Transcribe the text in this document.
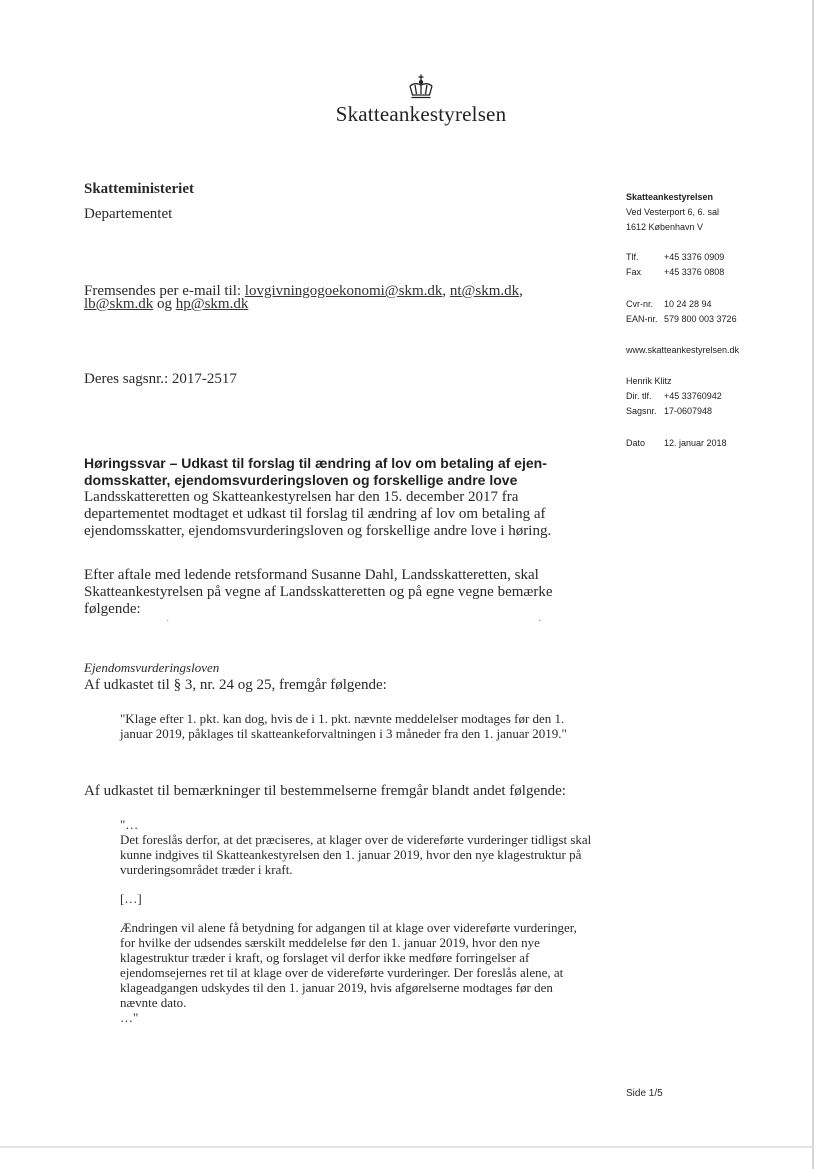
Skatteankestyrelsen
Skatteministeriet
Departementet
Fremsendes per e-mail til: lovgivningogoekonomi@skm.dk, nt@skm.dk,
lb@skm.dk og hp@skm.dk
Deres sagsnr.: 2017-2517
Skatteankestyrelsen
Ved Vesterport 6, 6. sal
1612 København V
Tlf.	+45 3376 0909
Fax	+45 3376 0808
Cvr-nr.	10 24 28 94
EAN-nr. 579 800 003 3726
www.skatteankestyrelsen.dk
Henrik Klitz
Dir. tlf.	+45 33760942
Sagsnr. 17-0607948
Dato	12. januar 2018
Høringssvar – Udkast til forslag til ændring af lov om betaling af ejen-domsskatter, ejendomsvurderingsloven og forskellige andre love
Landsskatteretten og Skatteankestyrelsen har den 15. december 2017 fra departementet modtaget et udkast til forslag til ændring af lov om betaling af ejendomsskatter, ejendomsvurderingsloven og forskellige andre love i høring.
Efter aftale med ledende retsformand Susanne Dahl, Landsskatteretten, skal Skatteankestyrelsen på vegne af Landsskatteretten og på egne vegne bemærke følgende:
·	·
Ejendomsvurderingsloven
Af udkastet til § 3, nr. 24 og 25, fremgår følgende:
"Klage efter 1. pkt. kan dog, hvis de i 1. pkt. nævnte meddelelser modtages før den 1. januar 2019, påklages til skatteankeforvaltningen i 3 måneder fra den 1. januar 2019."
Af udkastet til bemærkninger til bestemmelserne fremgår blandt andet følgende:
"…
Det foreslås derfor, at det præciseres, at klager over de videreførte vurderinger tidligst skal kunne indgives til Skatteankestyrelsen den 1. januar 2019, hvor den nye klagestruktur på vurderingsområdet træder i kraft.
[…]
Ændringen vil alene få betydning for adgangen til at klage over videreførte vurderinger, for hvilke der udsendes særskilt meddelelse før den 1. januar 2019, hvor den nye klagestruktur træder i kraft, og forslaget vil derfor ikke medføre forringelser af ejendomsejernes ret til at klage over de videreførte vurderinger. Der foreslås alene, at klageadgangen udskydes til den 1. januar 2019, hvis afgørelserne modtages før den nævnte dato.
…"
Side 1/5
